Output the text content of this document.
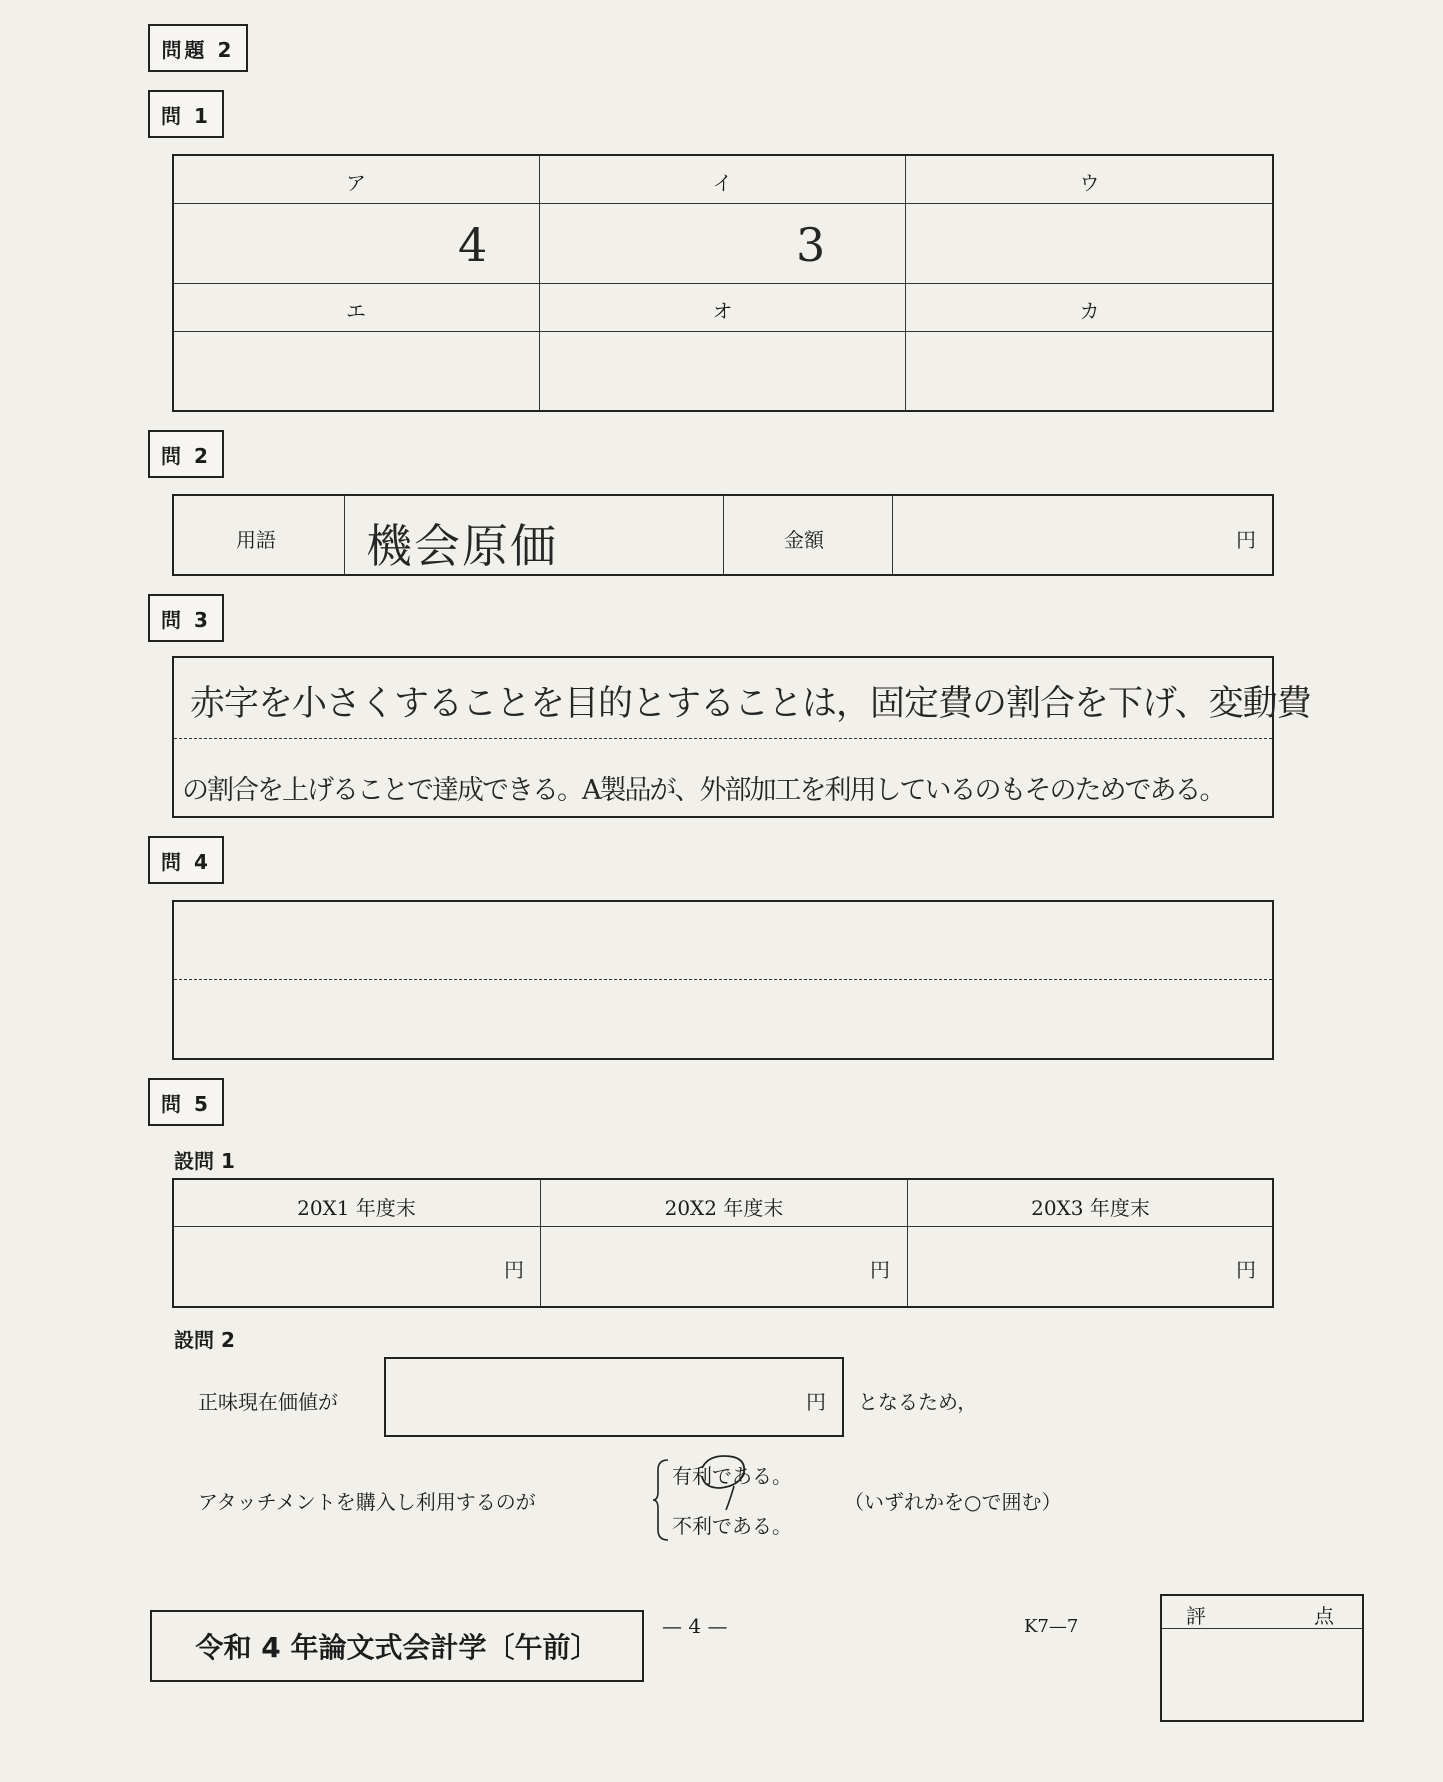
問題 2
問 1
ア	イ	ウ
4	3
エ	オ	カ
問 2
用語 機会原価	金額	円
問 3
赤字を小さくすることを目的とすることは，固定費の割合を下げ、変動費
の割合を上げることで達成できる。A製品が、外部加工を利用しているのもそのためである。
問 4
問 5
設問 1
20X1 年度末	20X2 年度末	20X3 年度末
円	円	円
設問 2
正味現在価値が	円 となるため，
アタッチメントを購入し利用するのが
有利である。
不利である。
（いずれかを○で囲む）
令和 4 年論文式会計学〔午前〕
— 4 —	K7—7	評	点
